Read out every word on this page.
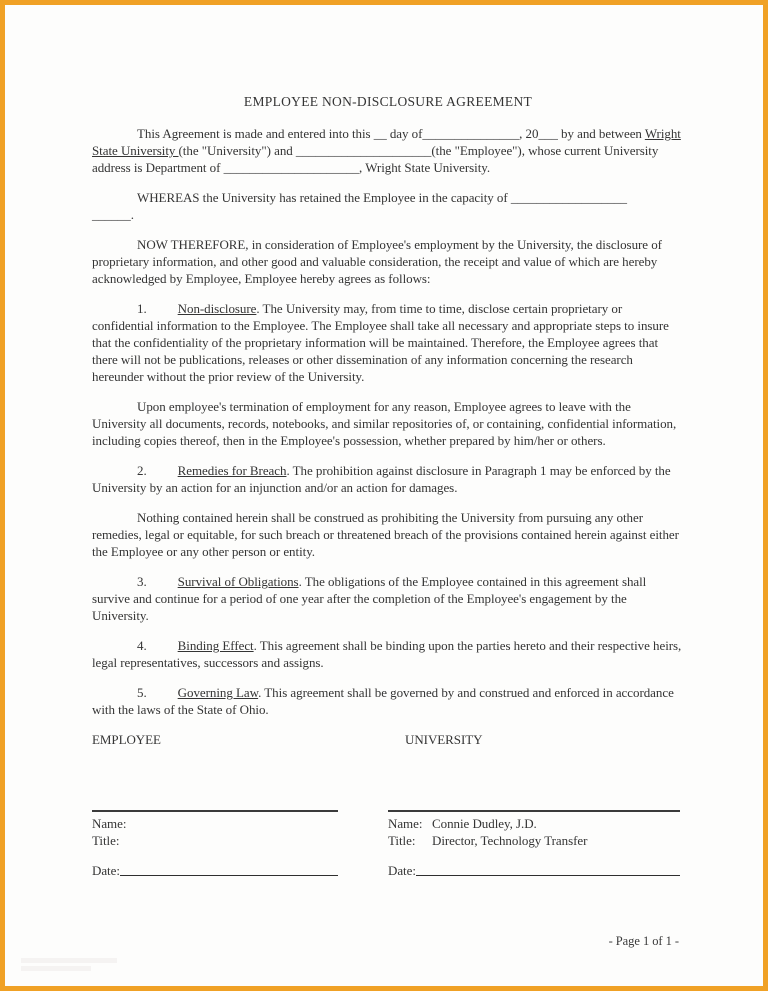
EMPLOYEE NON-DISCLOSURE AGREEMENT

This Agreement is made and entered into this __ day of_______________, 20___ by and between Wright State University (the "University") and _____________________(the "Employee"), whose current University address is Department of _____________________, Wright State University.

WHEREAS the University has retained the Employee in the capacity of __________________
______.

NOW THEREFORE, in consideration of Employee's employment by the University, the disclosure of proprietary information, and other good and valuable consideration, the receipt and value of which are hereby acknowledged by Employee, Employee hereby agrees as follows:

1. Non-disclosure. The University may, from time to time, disclose certain proprietary or confidential information to the Employee. The Employee shall take all necessary and appropriate steps to insure that the confidentiality of the proprietary information will be maintained. Therefore, the Employee agrees that there will not be publications, releases or other dissemination of any information concerning the research hereunder without the prior review of the University.

Upon employee's termination of employment for any reason, Employee agrees to leave with the University all documents, records, notebooks, and similar repositories of, or containing, confidential information, including copies thereof, then in the Employee's possession, whether prepared by him/her or others.

2. Remedies for Breach. The prohibition against disclosure in Paragraph 1 may be enforced by the University by an action for an injunction and/or an action for damages.

Nothing contained herein shall be construed as prohibiting the University from pursuing any other remedies, legal or equitable, for such breach or threatened breach of the provisions contained herein against either the Employee or any other person or entity.

3. Survival of Obligations. The obligations of the Employee contained in this agreement shall survive and continue for a period of one year after the completion of the Employee's engagement by the University.

4. Binding Effect. This agreement shall be binding upon the parties hereto and their respective heirs, legal representatives, successors and assigns.

5. Governing Law. This agreement shall be governed by and construed and enforced in accordance with the laws of the State of Ohio.

EMPLOYEE	UNIVERSITY
Name:
Title:
Date:
Name: Connie Dudley, J.D.
Title:	Director, Technology Transfer
Date:
- Page 1 of 1 -
